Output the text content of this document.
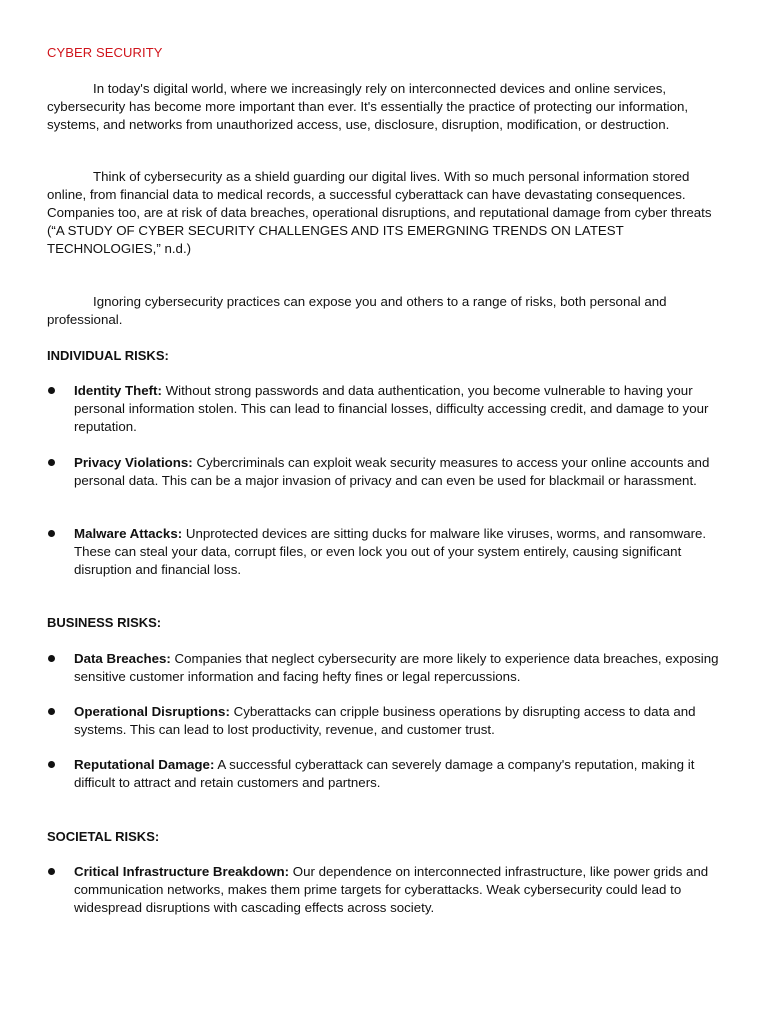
CYBER SECURITY
In today's digital world, where we increasingly rely on interconnected devices and online services, cybersecurity has become more important than ever. It's essentially the practice of protecting our information, systems, and networks from unauthorized access, use, disclosure, disruption, modification, or destruction.
Think of cybersecurity as a shield guarding our digital lives. With so much personal information stored online, from financial data to medical records, a successful cyberattack can have devastating consequences. Companies too, are at risk of data breaches, operational disruptions, and reputational damage from cyber threats (“A STUDY OF CYBER SECURITY CHALLENGES AND ITS EMERGNING TRENDS ON LATEST TECHNOLOGIES,” n.d.)
Ignoring cybersecurity practices can expose you and others to a range of risks, both personal and professional.
INDIVIDUAL RISKS:
Identity Theft: Without strong passwords and data authentication, you become vulnerable to having your personal information stolen. This can lead to financial losses, difficulty accessing credit, and damage to your reputation.
Privacy Violations: Cybercriminals can exploit weak security measures to access your online accounts and personal data. This can be a major invasion of privacy and can even be used for blackmail or harassment.
Malware Attacks: Unprotected devices are sitting ducks for malware like viruses, worms, and ransomware. These can steal your data, corrupt files, or even lock you out of your system entirely, causing significant disruption and financial loss.
BUSINESS RISKS:
Data Breaches: Companies that neglect cybersecurity are more likely to experience data breaches, exposing sensitive customer information and facing hefty fines or legal repercussions.
Operational Disruptions: Cyberattacks can cripple business operations by disrupting access to data and systems. This can lead to lost productivity, revenue, and customer trust.
Reputational Damage: A successful cyberattack can severely damage a company's reputation, making it difficult to attract and retain customers and partners.
SOCIETAL RISKS:
Critical Infrastructure Breakdown: Our dependence on interconnected infrastructure, like power grids and communication networks, makes them prime targets for cyberattacks. Weak cybersecurity could lead to widespread disruptions with cascading effects across society.
